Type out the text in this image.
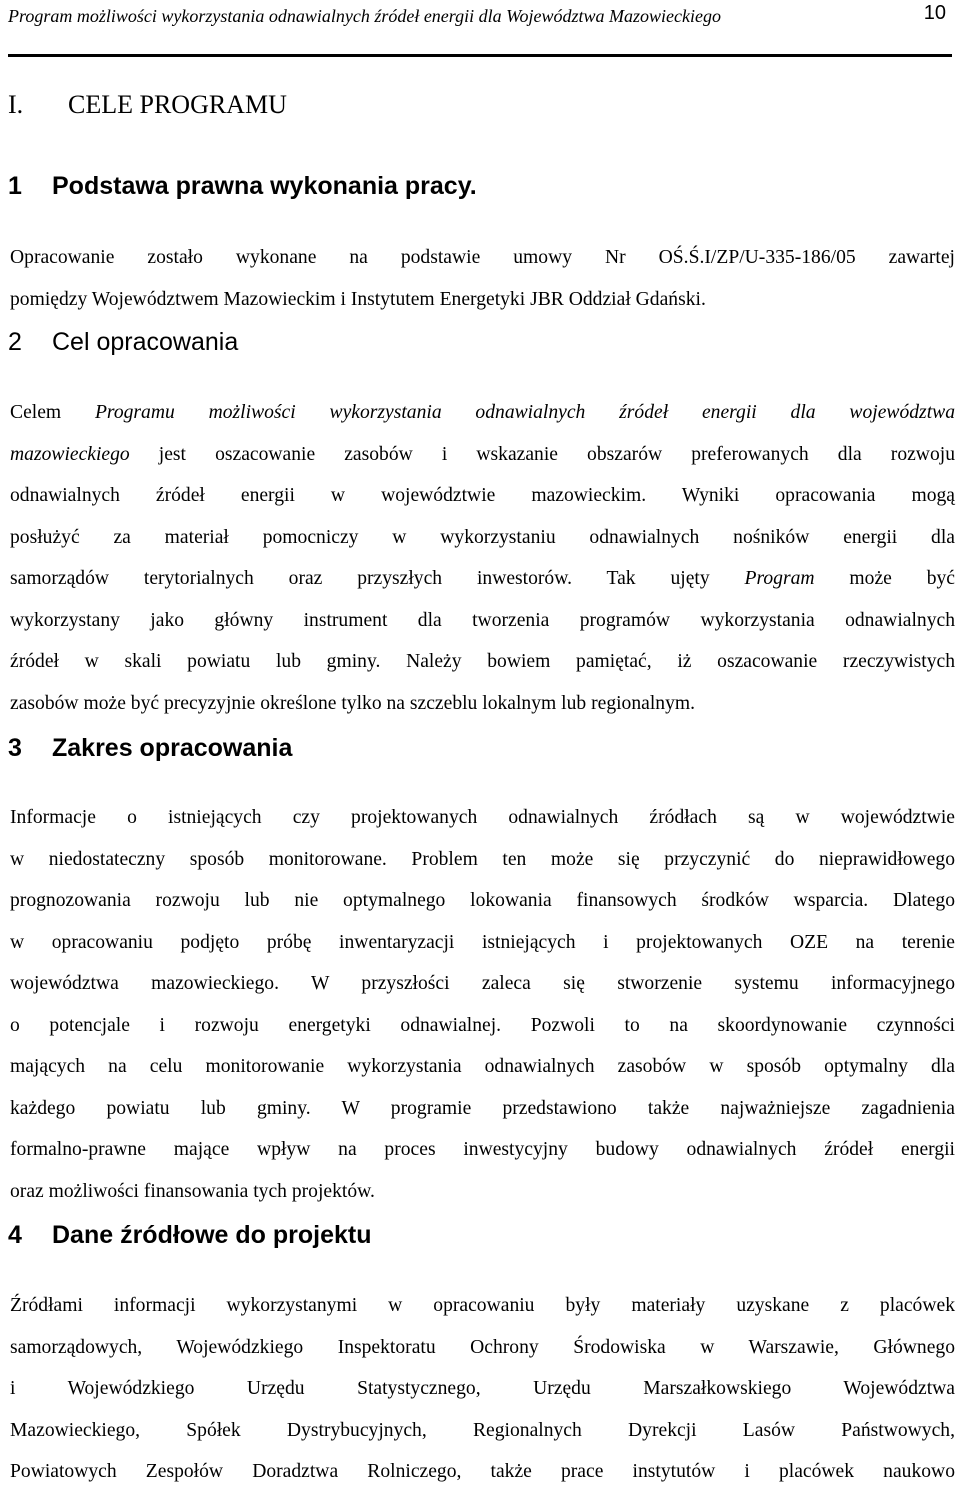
Program możliwości wykorzystania odnawialnych źródeł energii dla Województwa Mazowieckiego	10
I. CELE PROGRAMU
1 Podstawa prawna wykonania pracy.
Opracowanie zostało wykonane na podstawie umowy Nr OŚ.Ś.I/ZP/U-335-186/05 zawartej
pomiędzy Województwem Mazowieckim i Instytutem Energetyki JBR Oddział Gdański.
2 Cel opracowania
Celem Programu możliwości wykorzystania odnawialnych źródeł energii dla województwa
mazowieckiego jest oszacowanie zasobów i wskazanie obszarów preferowanych dla rozwoju
odnawialnych źródeł energii w województwie mazowieckim. Wyniki opracowania mogą
posłużyć za materiał pomocniczy w wykorzystaniu odnawialnych nośników energii dla
samorządów terytorialnych oraz przyszłych inwestorów. Tak ujęty Program może być
wykorzystany jako główny instrument dla tworzenia programów wykorzystania odnawialnych
źródeł w skali powiatu lub gminy. Należy bowiem pamiętać, iż oszacowanie rzeczywistych
zasobów może być precyzyjnie określone tylko na szczeblu lokalnym lub regionalnym.
3 Zakres opracowania
Informacje o istniejących czy projektowanych odnawialnych źródłach są w województwie
w niedostateczny sposób monitorowane. Problem ten może się przyczynić do nieprawidłowego
prognozowania rozwoju lub nie optymalnego lokowania finansowych środków wsparcia. Dlatego
w opracowaniu podjęto próbę inwentaryzacji istniejących i projektowanych OZE na terenie
województwa mazowieckiego. W przyszłości zaleca się stworzenie systemu informacyjnego
o potencjale i rozwoju energetyki odnawialnej. Pozwoli to na skoordynowanie czynności
mających na celu monitorowanie wykorzystania odnawialnych zasobów w sposób optymalny dla
każdego powiatu lub gminy. W programie przedstawiono także najważniejsze zagadnienia
formalno-prawne mające wpływ na proces inwestycyjny budowy odnawialnych źródeł energii
oraz możliwości finansowania tych projektów.
4 Dane źródłowe do projektu
Źródłami informacji wykorzystanymi w opracowaniu były materiały uzyskane z placówek
samorządowych, Wojewódzkiego Inspektoratu Ochrony Środowiska w Warszawie, Głównego
i Wojewódzkiego Urzędu Statystycznego, Urzędu Marszałkowskiego Województwa
Mazowieckiego, Spółek Dystrybucyjnych, Regionalnych Dyrekcji Lasów Państwowych,
Powiatowych Zespołów Doradztwa Rolniczego, także prace instytutów i placówek naukowo
